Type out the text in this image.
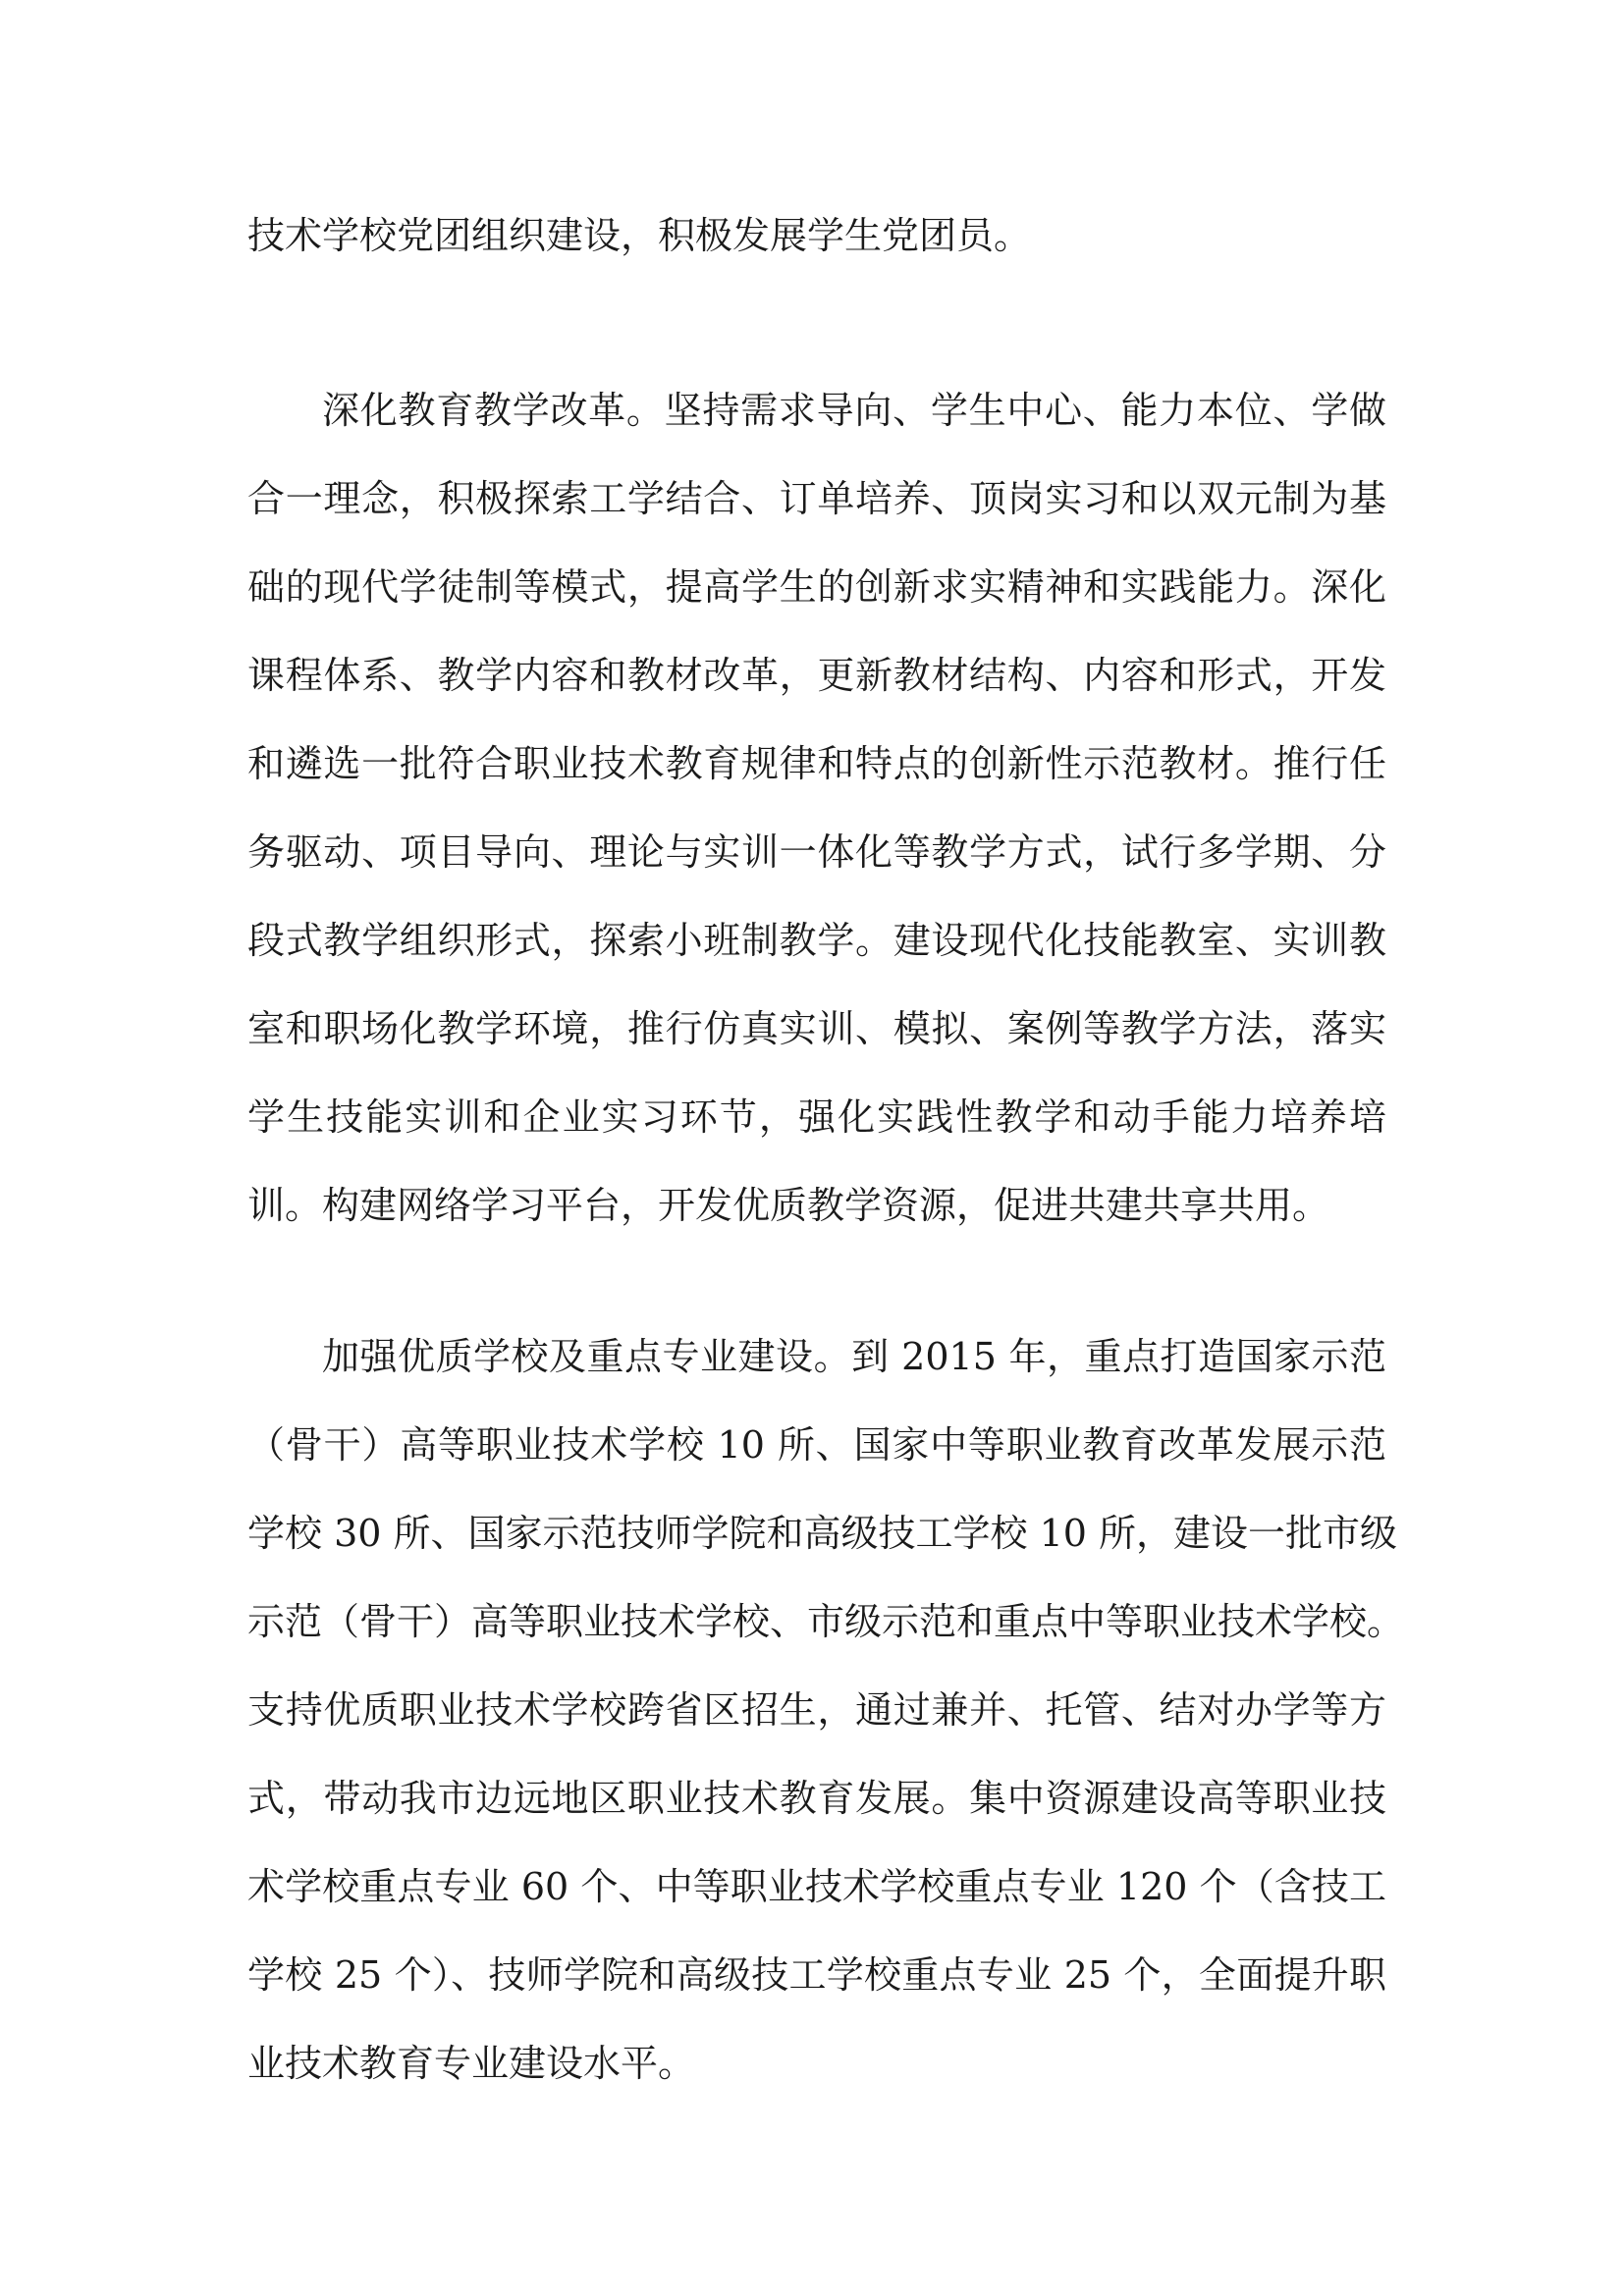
技术学校党团组织建设，积极发展学生党团员。
深化教育教学改革。坚持需求导向、学生中心、能力本位、学做
合一理念，积极探索工学结合、订单培养、顶岗实习和以双元制为基
础的现代学徒制等模式，提高学生的创新求实精神和实践能力。深化
课程体系、教学内容和教材改革，更新教材结构、内容和形式，开发
和遴选一批符合职业技术教育规律和特点的创新性示范教材。推行任
务驱动、项目导向、理论与实训一体化等教学方式，试行多学期、分
段式教学组织形式，探索小班制教学。建设现代化技能教室、实训教
室和职场化教学环境，推行仿真实训、模拟、案例等教学方法，落实
学生技能实训和企业实习环节，强化实践性教学和动手能力培养培
训。构建网络学习平台，开发优质教学资源，促进共建共享共用。
加强优质学校及重点专业建设。到 2015 年，重点打造国家示范
（骨干）高等职业技术学校 10 所、国家中等职业教育改革发展示范
学校 30 所、国家示范技师学院和高级技工学校 10 所，建设一批市级
示范（骨干）高等职业技术学校、市级示范和重点中等职业技术学校。
支持优质职业技术学校跨省区招生，通过兼并、托管、结对办学等方
式，带动我市边远地区职业技术教育发展。集中资源建设高等职业技
术学校重点专业 60 个、中等职业技术学校重点专业 120 个（含技工
学校 25 个）、技师学院和高级技工学校重点专业 25 个，全面提升职
业技术教育专业建设水平。
